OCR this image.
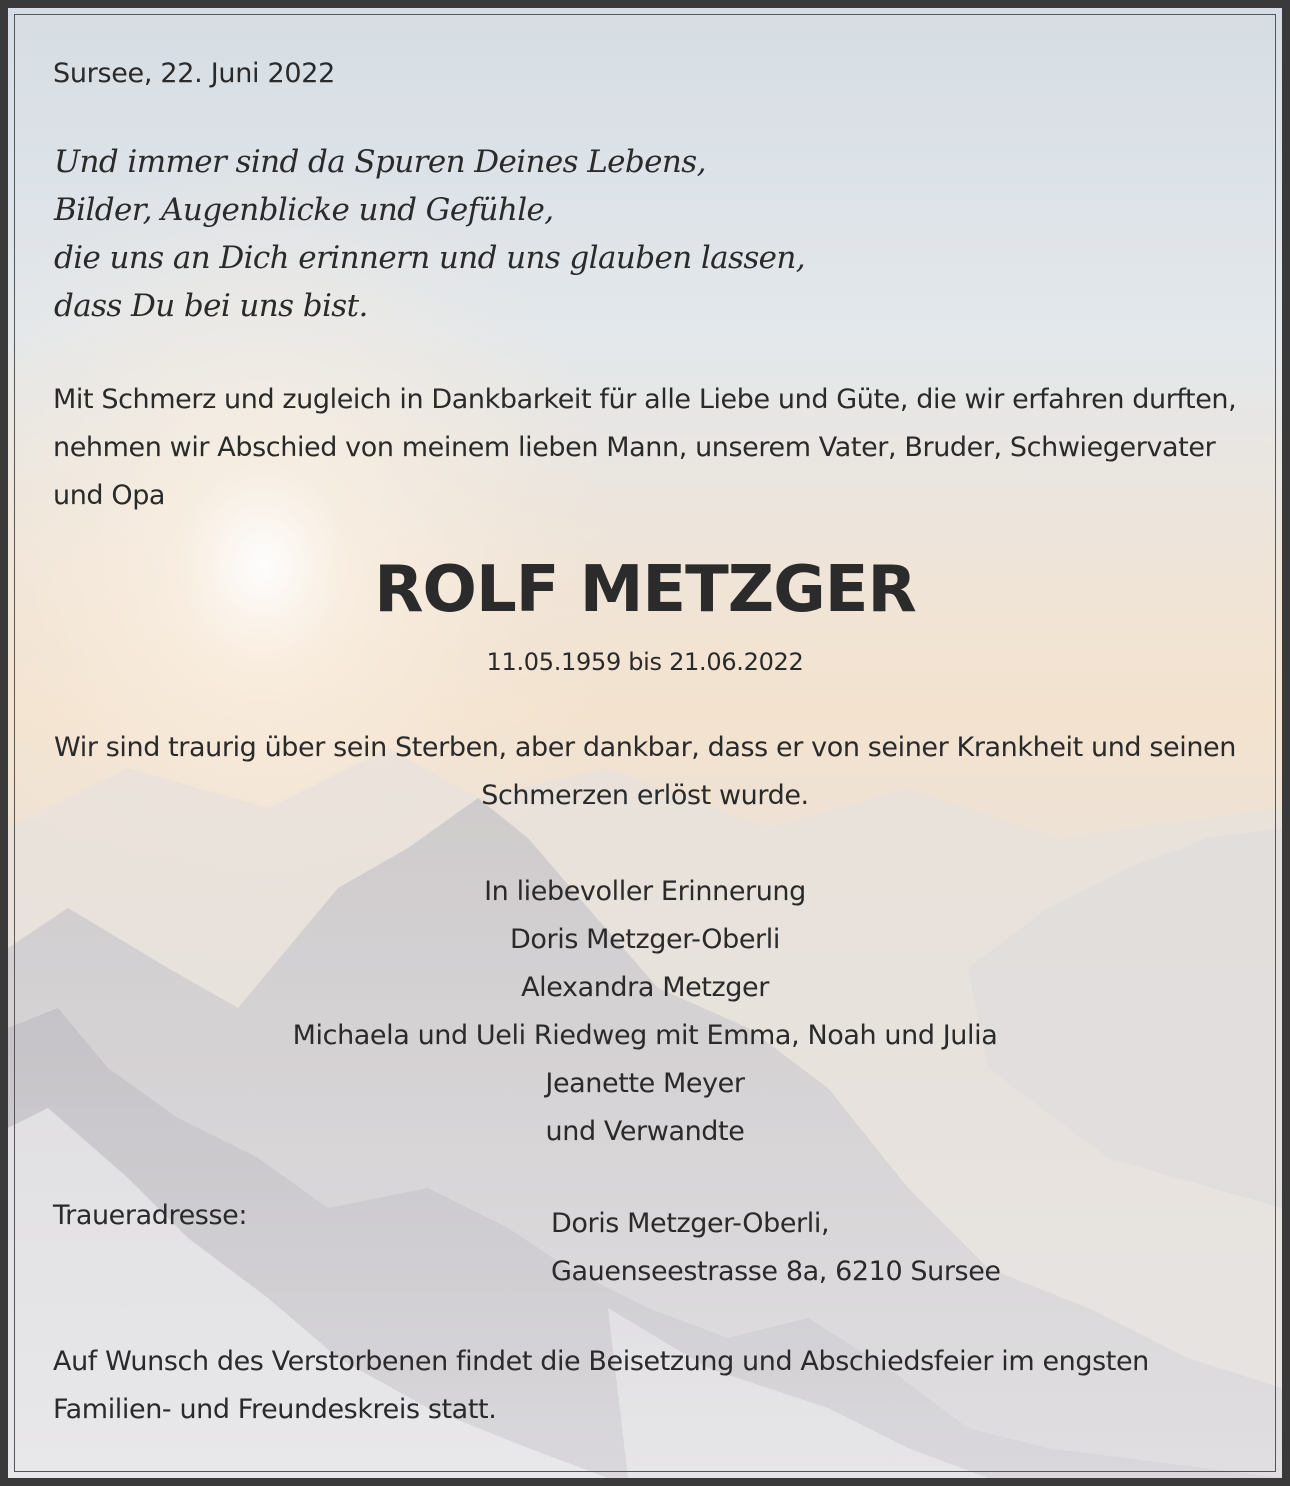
Sursee, 22. Juni 2022

Und immer sind da Spuren Deines Lebens,
Bilder, Augenblicke und Gefühle,
die uns an Dich erinnern und uns glauben lassen,
dass Du bei uns bist.

Mit Schmerz und zugleich in Dankbarkeit für alle Liebe und Güte, die wir erfahren durften, nehmen wir Abschied von meinem lieben Mann, unserem Vater, Bruder, Schwiegervater und Opa

ROLF METZGER

11.05.1959 bis 21.06.2022

Wir sind traurig über sein Sterben, aber dankbar, dass er von seiner Krankheit und seinen Schmerzen erlöst wurde.

In liebevoller Erinnerung
Doris Metzger-Oberli
Alexandra Metzger
Michaela und Ueli Riedweg mit Emma, Noah und Julia
Jeanette Meyer
und Verwandte

Traueradresse:	Doris Metzger-Oberli,
Gauenseestrasse 8a, 6210 Sursee

Auf Wunsch des Verstorbenen findet die Beisetzung und Abschiedsfeier im engsten Familien- und Freundeskreis statt.
